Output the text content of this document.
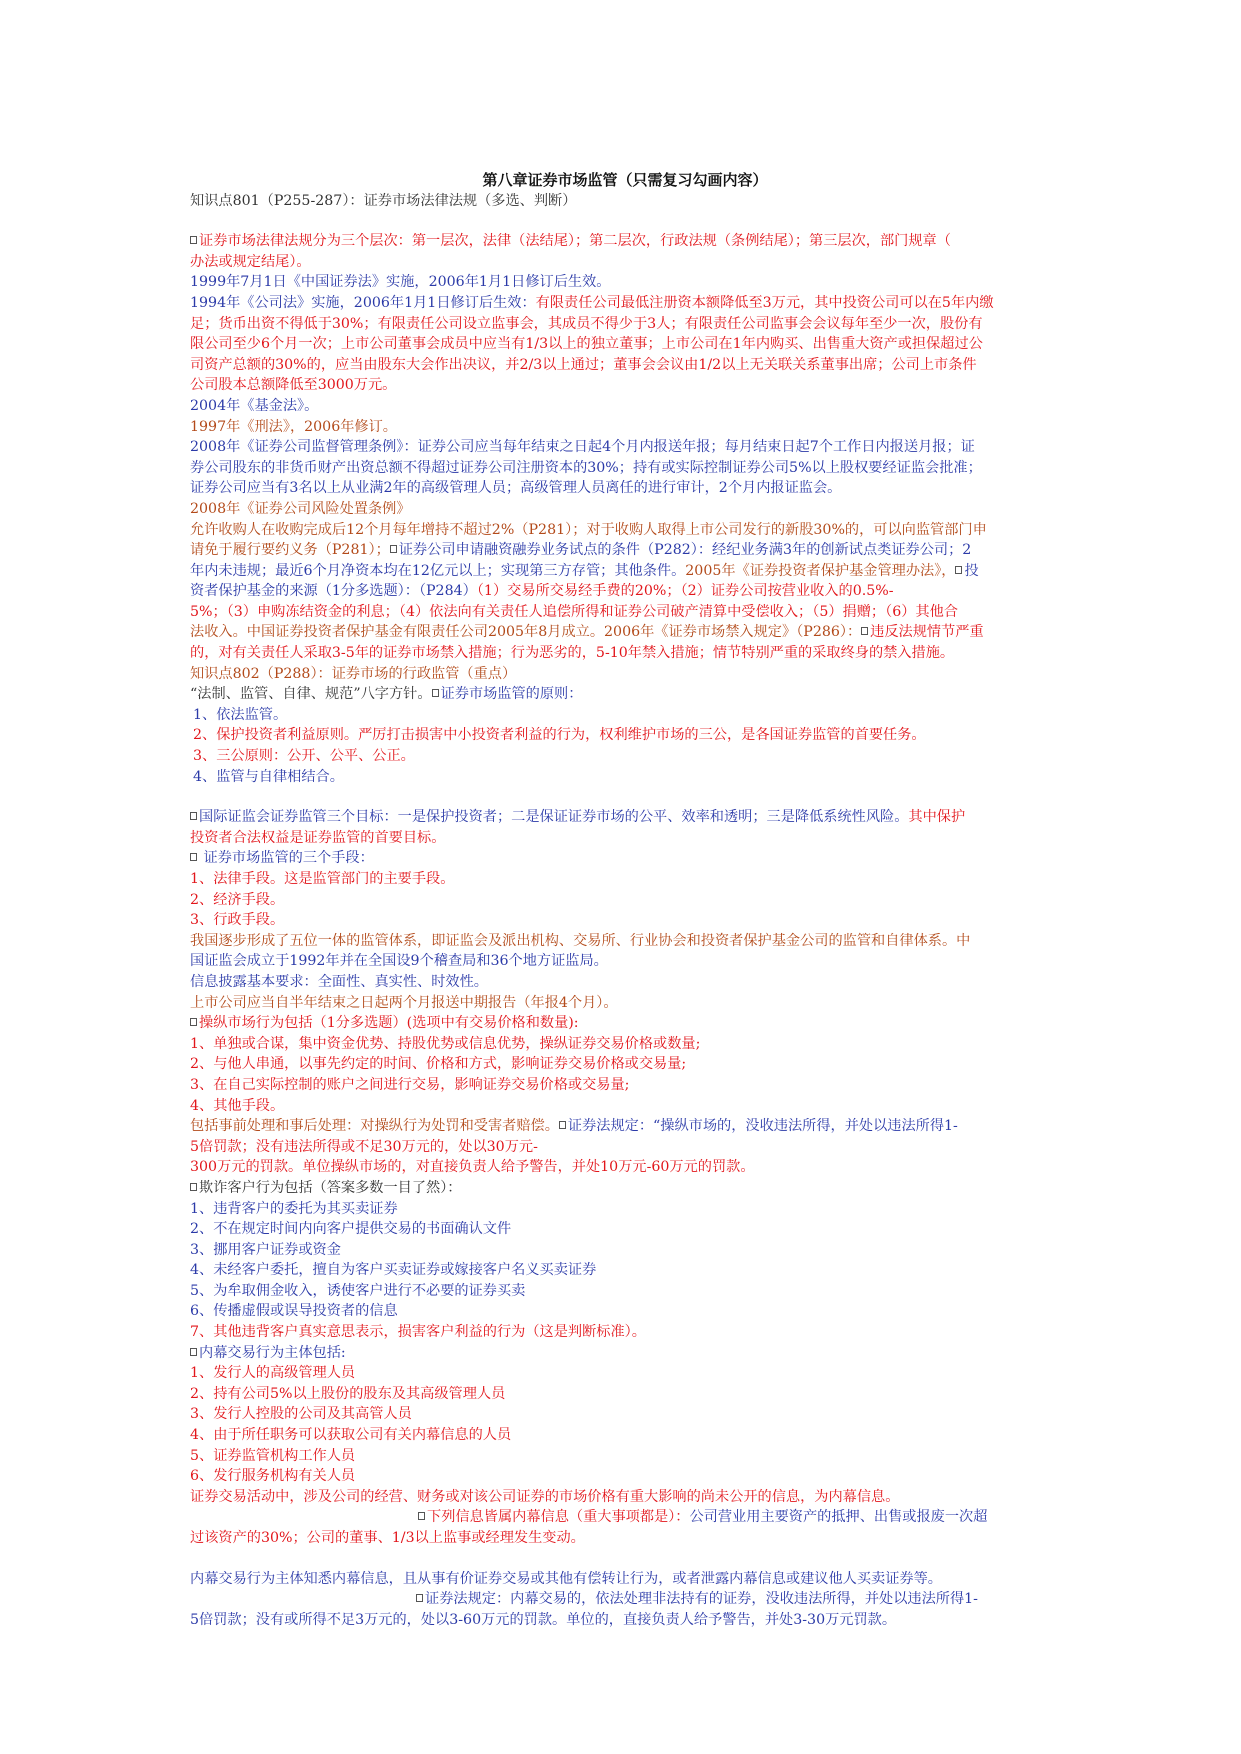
第八章证券市场监管（只需复习勾画内容）

知识点801（P255-287）：证券市场法律法规（多选、判断）

证券市场法律法规分为三个层次：第一层次，法律（法结尾）；第二层次，行政法规（条例结尾）；第三层次，部门规章（

办法或规定结尾）。

1999年7月1日《中国证券法》实施，2006年1月1日修订后生效。

1994年《公司法》实施，2006年1月1日修订后生效：有限责任公司最低注册资本额降低至3万元，其中投资公司可以在5年内缴

足；货币出资不得低于30%；有限责任公司设立监事会，其成员不得少于3人；有限责任公司监事会会议每年至少一次，股份有

限公司至少6个月一次；上市公司董事会成员中应当有1/3以上的独立董事；上市公司在1年内购买、出售重大资产或担保超过公

司资产总额的30%的，应当由股东大会作出决议，并2/3以上通过；董事会会议由1/2以上无关联关系董事出席；公司上市条件

公司股本总额降低至3000万元。

2004年《基金法》。

1997年《刑法》，2006年修订。

2008年《证券公司监督管理条例》：证券公司应当每年结束之日起4个月内报送年报；每月结束日起7个工作日内报送月报；证

券公司股东的非货币财产出资总额不得超过证券公司注册资本的30%；持有或实际控制证券公司5%以上股权要经证监会批准；

证券公司应当有3名以上从业满2年的高级管理人员；高级管理人员离任的进行审计，2个月内报证监会。

2008年《证券公司风险处置条例》

允许收购人在收购完成后12个月每年增持不超过2%（P281）；对于收购人取得上市公司发行的新股30%的，可以向监管部门申

请免于履行要约义务（P281）； 证券公司申请融资融券业务试点的条件（P282）：经纪业务满3年的创新试点类证券公司；2

年内未违规；最近6个月净资本均在12亿元以上；实现第三方存管；其他条件。2005年《证券投资者保护基金管理办法》， 投

资者保护基金的来源（1分多选题）：（P284）（1）交易所交易经手费的20%；（2）证券公司按营业收入的0.5%-

5%；（3）申购冻结资金的利息；（4）依法向有关责任人追偿所得和证券公司破产清算中受偿收入；（5）捐赠；（6）其他合

法收入。中国证券投资者保护基金有限责任公司2005年8月成立。2006年《证券市场禁入规定》（P286）： 违反法规情节严重

的，对有关责任人采取3-5年的证券市场禁入措施；行为恶劣的，5-10年禁入措施；情节特别严重的采取终身的禁入措施。

知识点802（P288）：证券市场的行政监管（重点）

“法制、监管、自律、规范”八字方针。 证券市场监管的原则：

1、依法监管。

2、保护投资者利益原则。严厉打击损害中小投资者利益的行为，权利维护市场的三公，是各国证券监管的首要任务。

3、三公原则：公开、公平、公正。

4、监管与自律相结合。

国际证监会证券监管三个目标：一是保护投资者；二是保证证券市场的公平、效率和透明；三是降低系统性风险。其中保护

投资者合法权益是证券监管的首要目标。

证券市场监管的三个手段：

1、法律手段。这是监管部门的主要手段。

2、经济手段。

3、行政手段。

我国逐步形成了五位一体的监管体系，即证监会及派出机构、交易所、行业协会和投资者保护基金公司的监管和自律体系。中

国证监会成立于1992年并在全国设9个稽查局和36个地方证监局。

信息披露基本要求：全面性、真实性、时效性。

上市公司应当自半年结束之日起两个月报送中期报告（年报4个月）。

操纵市场行为包括（1分多选题）(选项中有交易价格和数量):

1、单独或合谋，集中资金优势、持股优势或信息优势，操纵证券交易价格或数量;

2、与他人串通，以事先约定的时间、价格和方式，影响证券交易价格或交易量;

3、在自己实际控制的账户之间进行交易，影响证券交易价格或交易量;

4、其他手段。

包括事前处理和事后处理：对操纵行为处罚和受害者赔偿。 证券法规定：“操纵市场的，没收违法所得，并处以违法所得1-

5倍罚款；没有违法所得或不足30万元的，处以30万元-

300万元的罚款。单位操纵市场的，对直接负责人给予警告，并处10万元-60万元的罚款。

欺诈客户行为包括（答案多数一目了然）：

1、违背客户的委托为其买卖证券

2、不在规定时间内向客户提供交易的书面确认文件

3、挪用客户证券或资金

4、未经客户委托，擅自为客户买卖证券或嫁接客户名义买卖证券

5、为牟取佣金收入，诱使客户进行不必要的证券买卖

6、传播虚假或误导投资者的信息

7、其他违背客户真实意思表示，损害客户利益的行为（这是判断标准）。

内幕交易行为主体包括:

1、发行人的高级管理人员

2、持有公司5%以上股份的股东及其高级管理人员

3、发行人控股的公司及其高管人员

4、由于所任职务可以获取公司有关内幕信息的人员

5、证券监管机构工作人员

6、发行服务机构有关人员

证券交易活动中，涉及公司的经营、财务或对该公司证券的市场价格有重大影响的尚未公开的信息，为内幕信息。

下列信息皆属内幕信息（重大事项都是）：公司营业用主要资产的抵押、出售或报废一次超

过该资产的30%；公司的董事、1/3以上监事或经理发生变动。

内幕交易行为主体知悉内幕信息，且从事有价证券交易或其他有偿转让行为，或者泄露内幕信息或建议他人买卖证券等。

证券法规定：内幕交易的，依法处理非法持有的证券，没收违法所得，并处以违法所得1-

5倍罚款；没有或所得不足3万元的，处以3-60万元的罚款。单位的，直接负责人给予警告，并处3-30万元罚款。
